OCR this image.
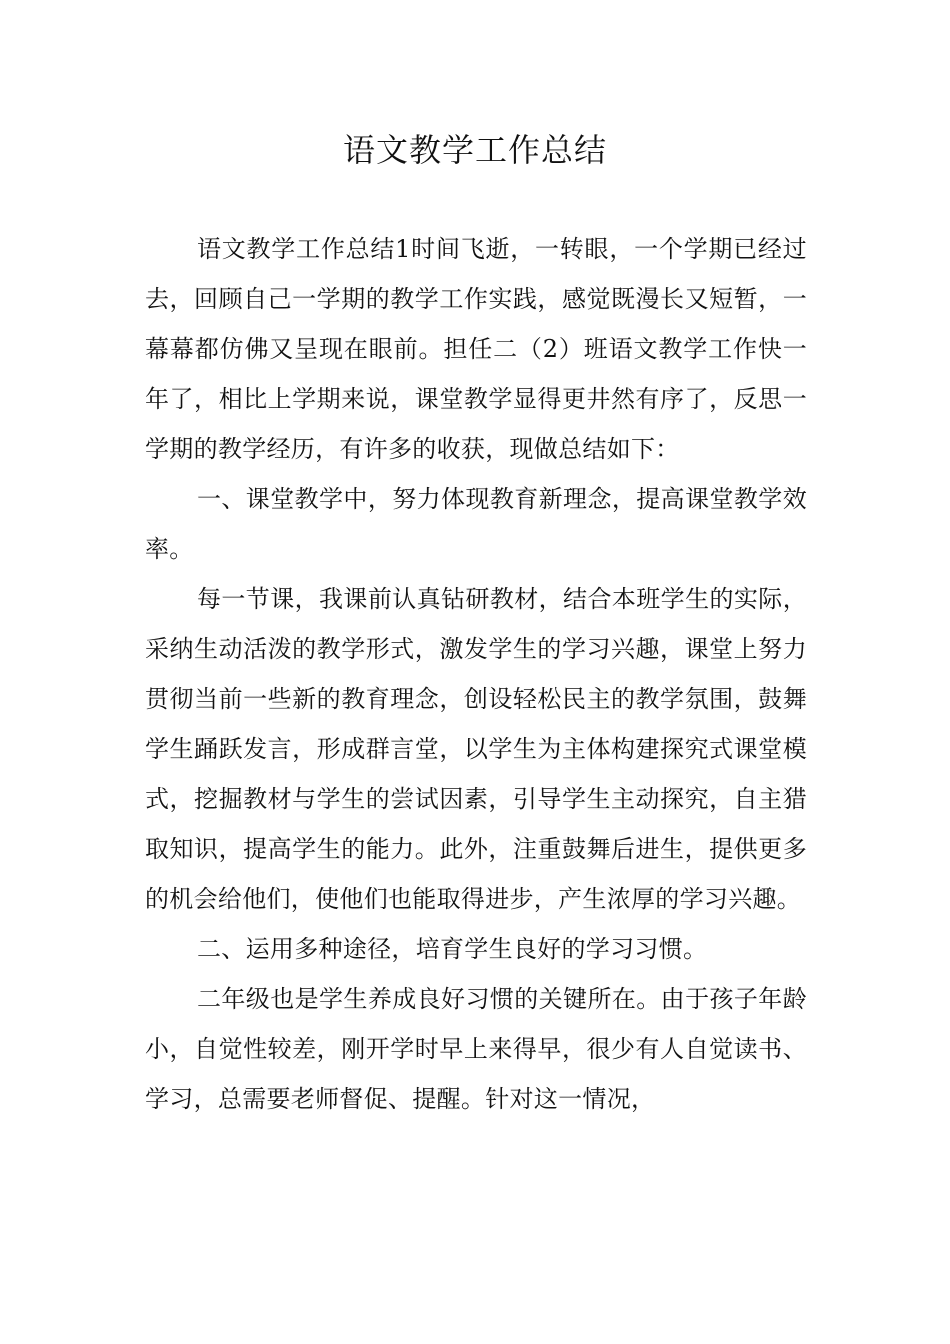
语文教学工作总结

语文教学工作总结1时间飞逝，一转眼，一个学期已经过去，回顾自己一学期的教学工作实践，感觉既漫长又短暂，一幕幕都仿佛又呈现在眼前。担任二（2）班语文教学工作快一年了，相比上学期来说，课堂教学显得更井然有序了，反思一学期的教学经历，有许多的收获，现做总结如下：

一、课堂教学中，努力体现教育新理念，提高课堂教学效率。

每一节课，我课前认真钻研教材，结合本班学生的实际，采纳生动活泼的教学形式，激发学生的学习兴趣，课堂上努力贯彻当前一些新的教育理念，创设轻松民主的教学氛围，鼓舞学生踊跃发言，形成群言堂，以学生为主体构建探究式课堂模式，挖掘教材与学生的尝试因素，引导学生主动探究，自主猎取知识，提高学生的能力。此外，注重鼓舞后进生，提供更多的机会给他们，使他们也能取得进步，产生浓厚的学习兴趣。

二、运用多种途径，培育学生良好的学习习惯。

二年级也是学生养成良好习惯的关键所在。由于孩子年龄小，自觉性较差，刚开学时早上来得早，很少有人自觉读书、学习，总需要老师督促、提醒。针对这一情况，
